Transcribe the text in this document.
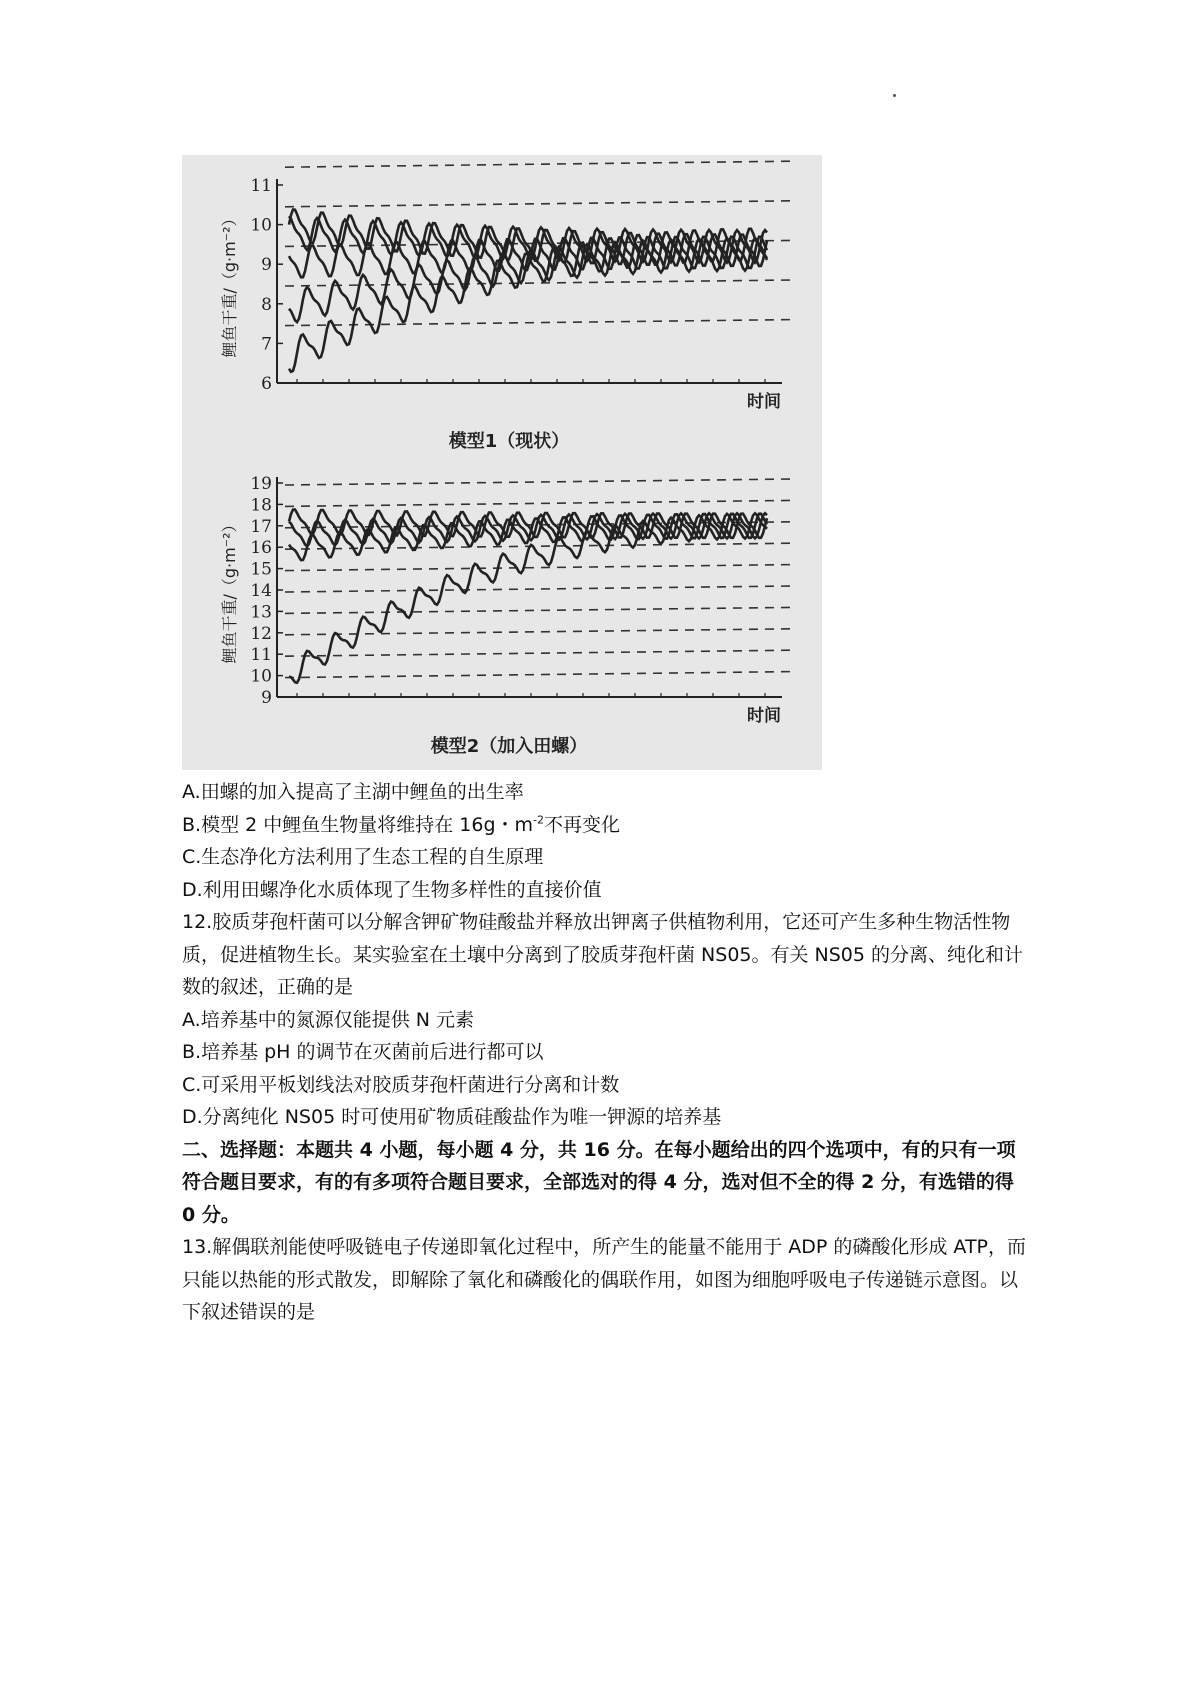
11
10
9
8
7
6
鲤鱼干重/（g·m⁻²）
时间
模型1（现状）
19
18
17
16
15
14
13
12
11
10
9
鲤鱼干重/（g·m⁻²）
时间
模型2（加入田螺）

A.田螺的加入提高了主湖中鲤鱼的出生率

B.模型 2 中鲤鱼生物量将维持在 16g・$m^{-2}$不再变化

C.生态净化方法利用了生态工程的自生原理

D.利用田螺净化水质体现了生物多样性的直接价值

12.胶质芽孢杆菌可以分解含钾矿物硅酸盐并释放出钾离子供植物利用，它还可产生多种生物活性物质，促进植物生长。某实验室在土壤中分离到了胶质芽孢杆菌 NS05。有关 NS05 的分离、纯化和计数的叙述，正确的是

A.培养基中的氮源仅能提供 N 元素

B.培养基 pH 的调节在灭菌前后进行都可以

C.可采用平板划线法对胶质芽孢杆菌进行分离和计数

D.分离纯化 NS05 时可使用矿物质硅酸盐作为唯一钾源的培养基

二、选择题：本题共 4 小题，每小题 4 分，共 16 分。在每小题给出的四个选项中，有的只有一项符合题目要求，有的有多项符合题目要求，全部选对的得 4 分，选对但不全的得 2 分，有选错的得 0 分。

13.解偶联剂能使呼吸链电子传递即氧化过程中，所产生的能量不能用于 ADP 的磷酸化形成 ATP，而只能以热能的形式散发，即解除了氧化和磷酸化的偶联作用，如图为细胞呼吸电子传递链示意图。以下叙述错误的是
